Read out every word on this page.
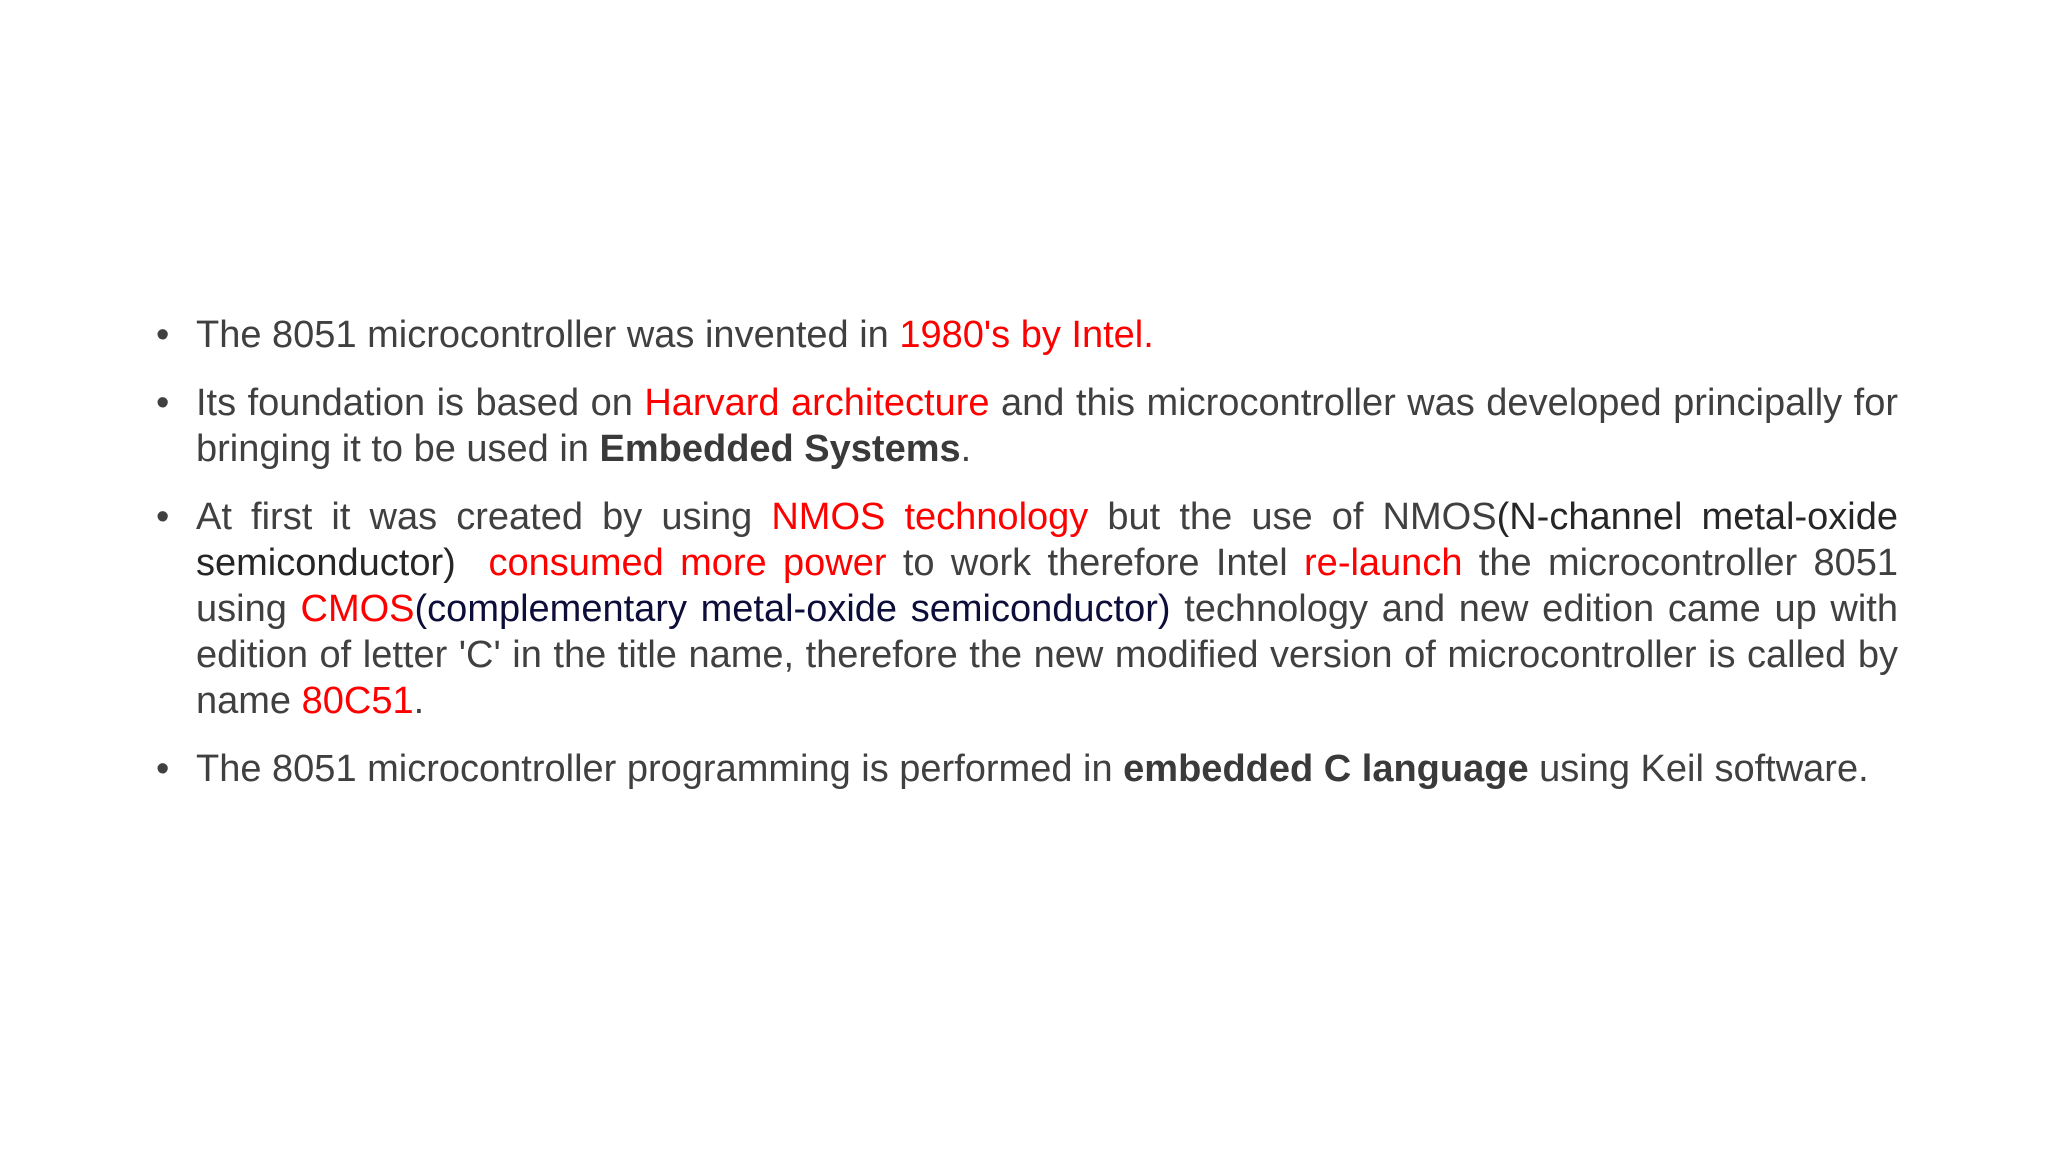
• The 8051 microcontroller was invented in 1980's by Intel.
• Its foundation is based on Harvard architecture and this microcontroller was developed principally for bringing it to be used in Embedded Systems.
• At first it was created by using NMOS technology but the use of NMOS(N-channel metal-oxide semiconductor) consumed more power to work therefore Intel re-launch the microcontroller 8051 using CMOS(complementary metal-oxide semiconductor) technology and new edition came up with edition of letter 'C' in the title name, therefore the new modified version of microcontroller is called by name 80C51.
• The 8051 microcontroller programming is performed in embedded C language using Keil software.
